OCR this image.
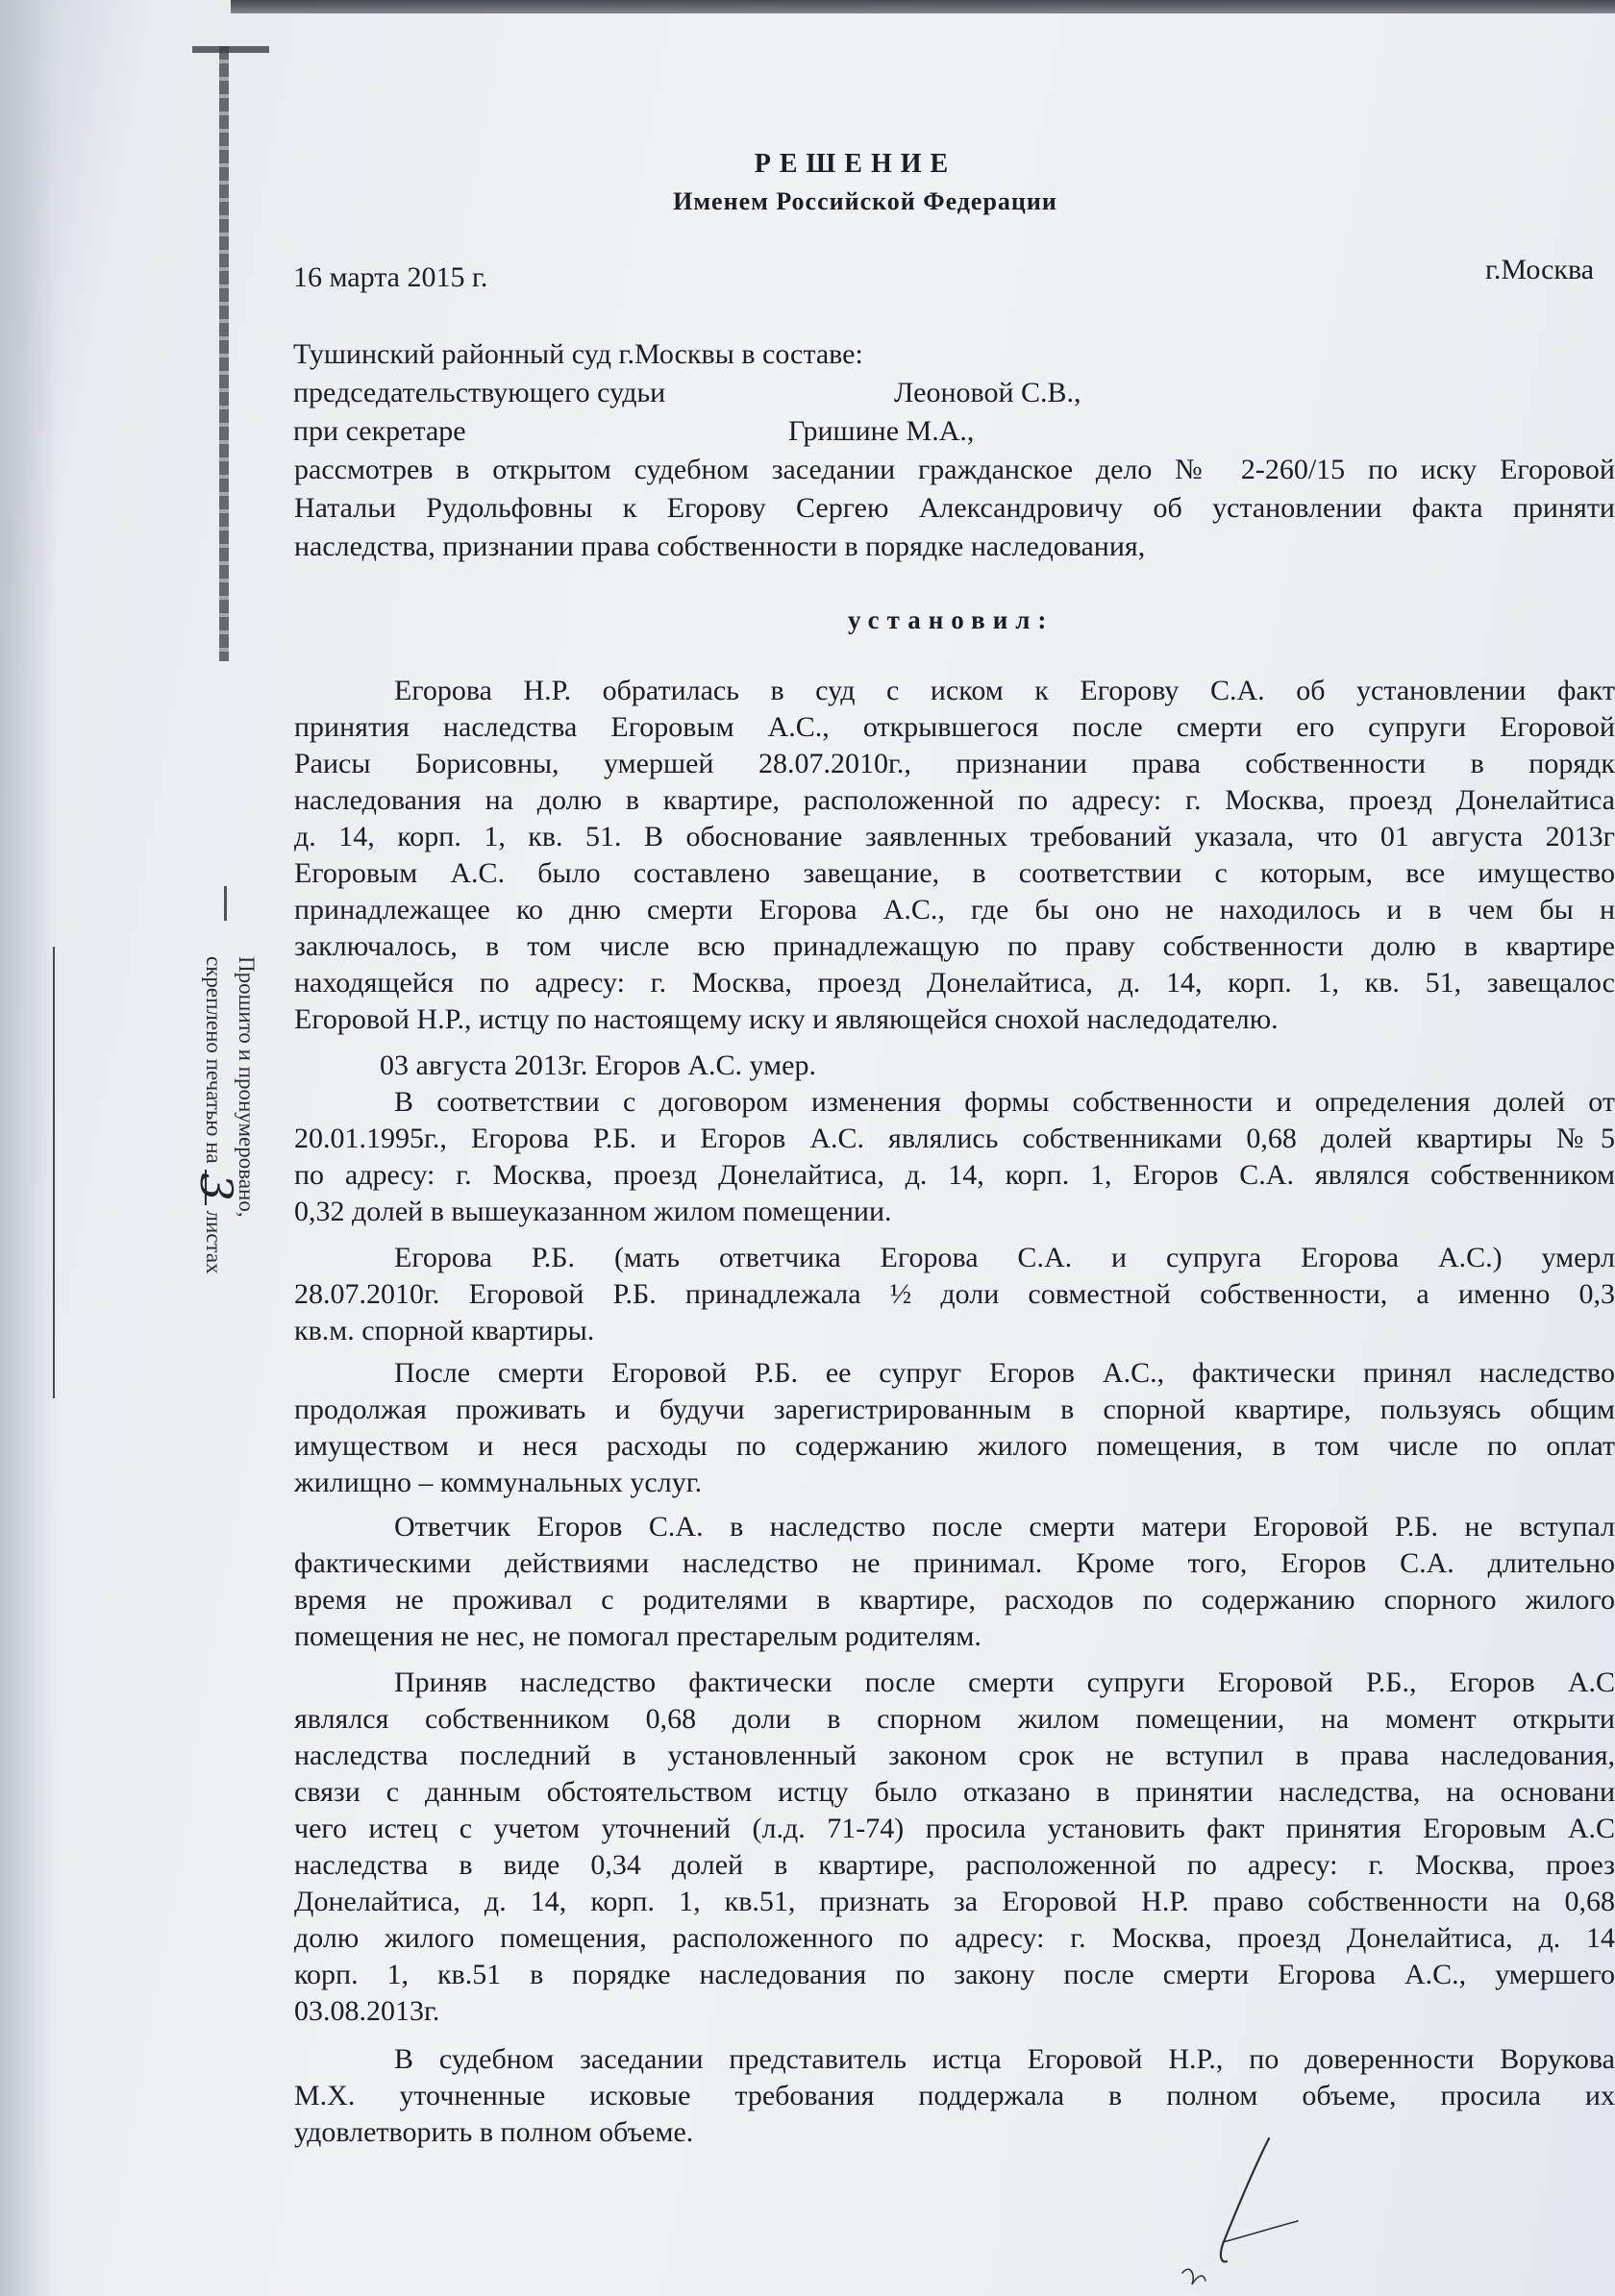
РЕШЕНИЕ
Именем Российской Федерации

16 марта 2015 г.	г.Москва

Тушинский районный суд г.Москвы в составе:

председательствующего судьи	Леоновой С.В.,

при секретаре	Гришине М.А.,

рассмотрев в открытом судебном заседании гражданское дело № 2-260/15 по иску Егоровой

Натальи Рудольфовны к Егорову Сергею Александровичу об установлении факта приняти

наследства, признании права собственности в порядке наследования,

установил:

Егорова Н.Р. обратилась в суд с иском к Егорову С.А. об установлении факт

принятия наследства Егоровым А.С., открывшегося после смерти его супруги Егоровой

Раисы Борисовны, умершей 28.07.2010г., признании права собственности в порядк

наследования на долю в квартире, расположенной по адресу: г. Москва, проезд Донелайтиса

д. 14, корп. 1, кв. 51. В обоснование заявленных требований указала, что 01 августа 2013г

Егоровым А.С. было составлено завещание, в соответствии с которым, все имущество

принадлежащее ко дню смерти Егорова А.С., где бы оно не находилось и в чем бы н

заключалось, в том числе всю принадлежащую по праву собственности долю в квартире

находящейся по адресу: г. Москва, проезд Донелайтиса, д. 14, корп. 1, кв. 51, завещалос

Егоровой Н.Р., истцу по настоящему иску и являющейся снохой наследодателю.

03 августа 2013г. Егоров А.С. умер.

В соответствии с договором изменения формы собственности и определения долей от

20.01.1995г., Егорова Р.Б. и Егоров А.С. являлись собственниками 0,68 долей квартиры №5

по адресу: г. Москва, проезд Донелайтиса, д. 14, корп. 1, Егоров С.А. являлся собственником

0,32 долей в вышеуказанном жилом помещении.

Егорова Р.Б. (мать ответчика Егорова С.А. и супруга Егорова А.С.) умерл

28.07.2010г. Егоровой Р.Б. принадлежала ½ доли совместной собственности, а именно 0,3

кв.м. спорной квартиры.

После смерти Егоровой Р.Б. ее супруг Егоров А.С., фактически принял наследство

продолжая проживать и будучи зарегистрированным в спорной квартире, пользуясь общим

имуществом и неся расходы по содержанию жилого помещения, в том числе по оплат

жилищно – коммунальных услуг.

Ответчик Егоров С.А. в наследство после смерти матери Егоровой Р.Б. не вступал

фактическими действиями наследство не принимал. Кроме того, Егоров С.А. длительно

время не проживал с родителями в квартире, расходов по содержанию спорного жилого

помещения не нес, не помогал престарелым родителям.

Приняв наследство фактически после смерти супруги Егоровой Р.Б., Егоров А.С

являлся собственником 0,68 доли в спорном жилом помещении, на момент открыти

наследства последний в установленный законом срок не вступил в права наследования,

связи с данным обстоятельством истцу было отказано в принятии наследства, на основани

чего истец с учетом уточнений (л.д. 71-74) просила установить факт принятия Егоровым А.С

наследства в виде 0,34 долей в квартире, расположенной по адресу: г. Москва, проез

Донелайтиса, д. 14, корп. 1, кв.51, признать за Егоровой Н.Р. право собственности на 0,68

долю жилого помещения, расположенного по адресу: г. Москва, проезд Донелайтиса, д. 14

корп. 1, кв.51 в порядке наследования по закону после смерти Егорова А.С., умершего

03.08.2013г.

В судебном заседании представитель истца Егоровой Н.Р., по доверенности Ворукова

М.Х. уточненные исковые требования поддержала в полном объеме, просила их

удовлетворить в полном объеме.

Прошито и пронумеровано,
скреплено печатью на 3 листах
